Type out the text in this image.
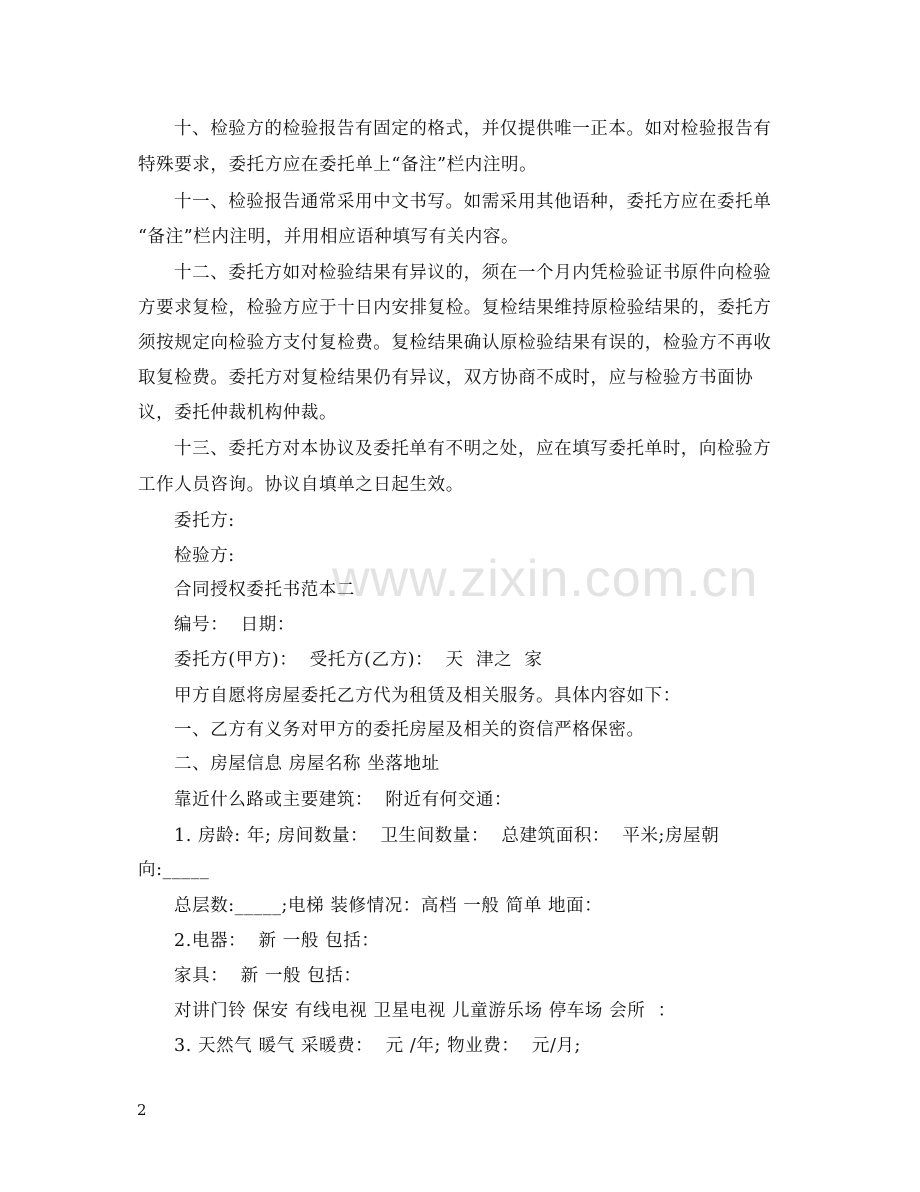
十、检验方的检验报告有固定的格式，并仅提供唯一正本。如对检验报告有
特殊要求，委托方应在委托单上“备注”栏内注明。
十一、检验报告通常采用中文书写。如需采用其他语种，委托方应在委托单
“备注”栏内注明，并用相应语种填写有关内容。
十二、委托方如对检验结果有异议的，须在一个月内凭检验证书原件向检验
方要求复检，检验方应于十日内安排复检。复检结果维持原检验结果的，委托方
须按规定向检验方支付复检费。复检结果确认原检验结果有误的，检验方不再收
取复检费。委托方对复检结果仍有异议，双方协商不成时，应与检验方书面协
议，委托仲裁机构仲裁。
十三、委托方对本协议及委托单有不明之处，应在填写委托单时，向检验方
工作人员咨询。协议自填单之日起生效。
委托方:
检验方: www.zixin.com.cn
合同授权委托书范本二
编号：  日期：
委托方(甲方)：  受托方(乙方)：  天  津之  家
甲方自愿将房屋委托乙方代为租赁及相关服务。具体内容如下：
一、乙方有义务对甲方的委托房屋及相关的资信严格保密。
二、房屋信息 房屋名称 坐落地址
靠近什么路或主要建筑：  附近有何交通：
1. 房龄: 年; 房间数量：  卫生间数量：  总建筑面积：  平米;房屋朝
向:_____
总层数:_____;电梯 装修情况：高档 一般 简单 地面：
2.电器：  新 一般 包括：
家具：  新 一般 包括：
对讲门铃 保安 有线电视 卫星电视 儿童游乐场 停车场 会所  ：
3. 天然气 暖气 采暖费：  元 /年; 物业费：  元/月;
2
